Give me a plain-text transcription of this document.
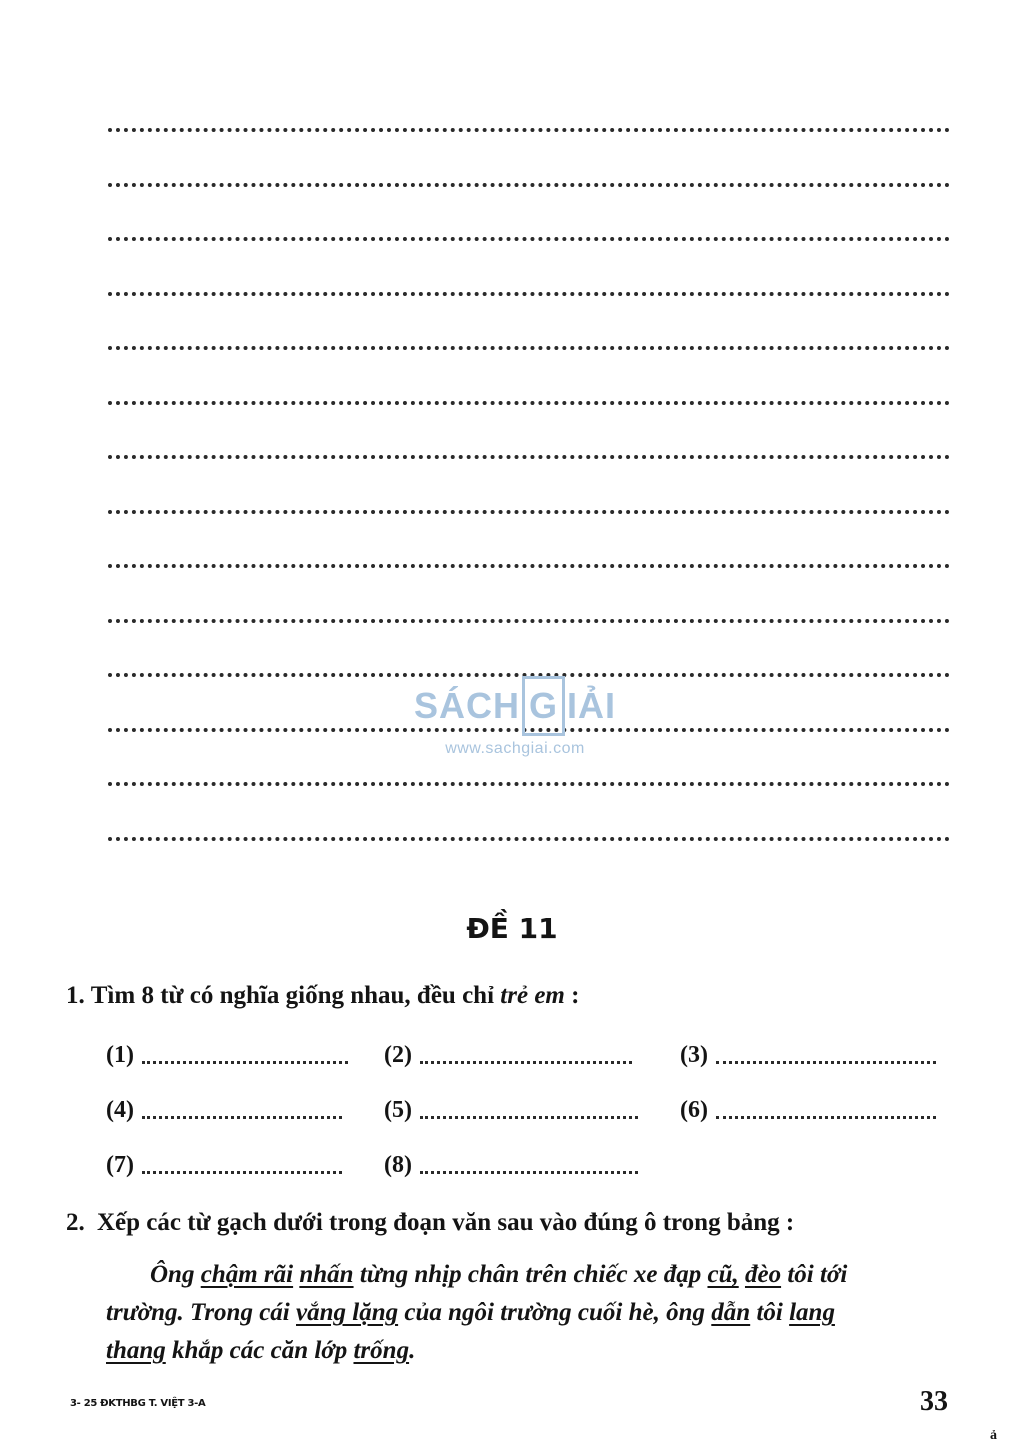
SÁCH G IẢI
www.sachgiai.com
ĐỀ 11
1. Tìm 8 từ có nghĩa giống nhau, đều chỉ trẻ em :
(1)	(2)	(3)
(4)	(5)	(6)
(7)	(8)
2. Xếp các từ gạch dưới trong đoạn văn sau vào đúng ô trong bảng :
Ông chậm rãi nhấn từng nhịp chân trên chiếc xe đạp cũ, đèo tôi tới
trường. Trong cái vắng lặng của ngôi trường cuối hè, ông dẫn tôi lang
thang khắp các căn lớp trống.
3- 25 ĐKTHBG T. VIỆT 3-A	33
ả
